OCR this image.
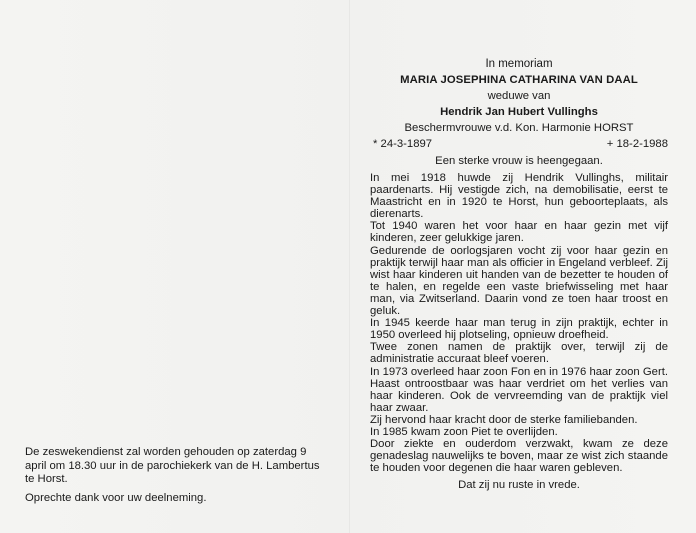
De zeswekendienst zal worden gehouden op zaterdag 9 april om 18.30 uur in de parochiekerk van de H. Lambertus te Horst.

Oprechte dank voor uw deelneming.

In memoriam
MARIA JOSEPHINA CATHARINA VAN DAAL
weduwe van
Hendrik Jan Hubert Vullinghs
Beschermvrouwe v.d. Kon. Harmonie HORST
* 24-3-1897	+ 18-2-1988
Een sterke vrouw is heengegaan.

In mei 1918 huwde zij Hendrik Vullinghs, militair paardenarts. Hij vestigde zich, na demobilisatie, eerst te Maastricht en in 1920 te Horst, hun geboorteplaats, als dierenarts.

Tot 1940 waren het voor haar en haar gezin met vijf kinderen, zeer gelukkige jaren.

Gedurende de oorlogsjaren vocht zij voor haar gezin en praktijk terwijl haar man als officier in Engeland verbleef. Zij wist haar kinderen uit handen van de bezetter te houden of te halen, en regelde een vaste briefwisseling met haar man, via Zwitserland. Daarin vond ze toen haar troost en geluk.

In 1945 keerde haar man terug in zijn praktijk, echter in 1950 overleed hij plotseling, opnieuw droefheid.

Twee zonen namen de praktijk over, terwijl zij de administratie accuraat bleef voeren.

In 1973 overleed haar zoon Fon en in 1976 haar zoon Gert. Haast ontroostbaar was haar verdriet om het verlies van haar kinderen. Ook de vervreemding van de praktijk viel haar zwaar.

Zij hervond haar kracht door de sterke familiebanden.

In 1985 kwam zoon Piet te overlijden.

Door ziekte en ouderdom verzwakt, kwam ze deze genadeslag nauwelijks te boven, maar ze wist zich staande te houden voor degenen die haar waren gebleven.

Dat zij nu ruste in vrede.
